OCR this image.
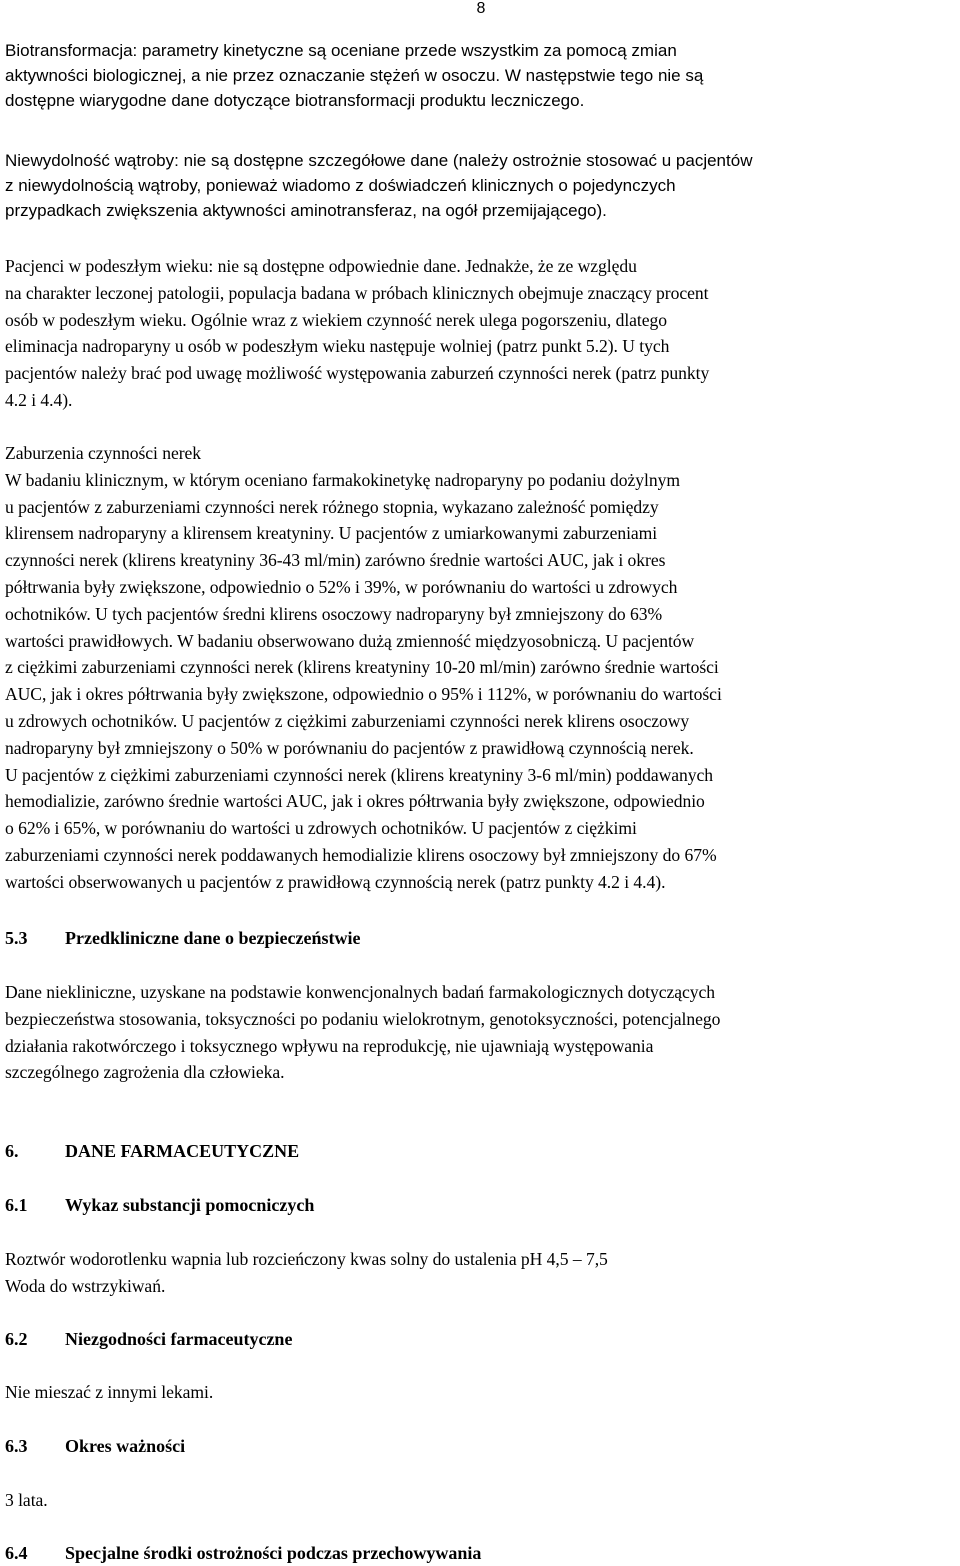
8

Biotransformacja: parametry kinetyczne są oceniane przede wszystkim za pomocą zmian
aktywności biologicznej, a nie przez oznaczanie stężeń w osoczu. W następstwie tego nie są
dostępne wiarygodne dane dotyczące biotransformacji produktu leczniczego.

Niewydolność wątroby: nie są dostępne szczegółowe dane (należy ostrożnie stosować u pacjentów
z niewydolnością wątroby, ponieważ wiadomo z doświadczeń klinicznych o pojedynczych
przypadkach zwiększenia aktywności aminotransferaz, na ogół przemijającego).

Pacjenci w podeszłym wieku: nie są dostępne odpowiednie dane. Jednakże, że ze względu
na charakter leczonej patologii, populacja badana w próbach klinicznych obejmuje znaczący procent
osób w podeszłym wieku. Ogólnie wraz z wiekiem czynność nerek ulega pogorszeniu, dlatego
eliminacja nadroparyny u osób w podeszłym wieku następuje wolniej (patrz punkt 5.2). U tych
pacjentów należy brać pod uwagę możliwość występowania zaburzeń czynności nerek (patrz punkty
4.2 i 4.4).

Zaburzenia czynności nerek
W badaniu klinicznym, w którym oceniano farmakokinetykę nadroparyny po podaniu dożylnym
u pacjentów z zaburzeniami czynności nerek różnego stopnia, wykazano zależność pomiędzy
klirensem nadroparyny a klirensem kreatyniny. U pacjentów z umiarkowanymi zaburzeniami
czynności nerek (klirens kreatyniny 36-43 ml/min) zarówno średnie wartości AUC, jak i okres
półtrwania były zwiększone, odpowiednio o 52% i 39%, w porównaniu do wartości u zdrowych
ochotników. U tych pacjentów średni klirens osoczowy nadroparyny był zmniejszony do 63%
wartości prawidłowych. W badaniu obserwowano dużą zmienność międzyosobniczą. U pacjentów
z ciężkimi zaburzeniami czynności nerek (klirens kreatyniny 10-20 ml/min) zarówno średnie wartości
AUC, jak i okres półtrwania były zwiększone, odpowiednio o 95% i 112%, w porównaniu do wartości
u zdrowych ochotników. U pacjentów z ciężkimi zaburzeniami czynności nerek klirens osoczowy
nadroparyny był zmniejszony o 50% w porównaniu do pacjentów z prawidłową czynnością nerek.
U pacjentów z ciężkimi zaburzeniami czynności nerek (klirens kreatyniny 3-6 ml/min) poddawanych
hemodializie, zarówno średnie wartości AUC, jak i okres półtrwania były zwiększone, odpowiednio
o 62% i 65%, w porównaniu do wartości u zdrowych ochotników. U pacjentów z ciężkimi
zaburzeniami czynności nerek poddawanych hemodializie klirens osoczowy był zmniejszony do 67%
wartości obserwowanych u pacjentów z prawidłową czynnością nerek (patrz punkty 4.2 i 4.4).

5.3	Przedkliniczne dane o bezpieczeństwie

Dane niekliniczne, uzyskane na podstawie konwencjonalnych badań farmakologicznych dotyczących
bezpieczeństwa stosowania, toksyczności po podaniu wielokrotnym, genotoksyczności, potencjalnego
działania rakotwórczego i toksycznego wpływu na reprodukcję, nie ujawniają występowania
szczególnego zagrożenia dla człowieka.

6.	DANE FARMACEUTYCZNE
6.1	Wykaz substancji pomocniczych

Roztwór wodorotlenku wapnia lub rozcieńczony kwas solny do ustalenia pH 4,5 – 7,5
Woda do wstrzykiwań.

6.2	Niezgodności farmaceutyczne

Nie mieszać z innymi lekami.

6.3	Okres ważności

3 lata.

6.4	Specjalne środki ostrożności podczas przechowywania
